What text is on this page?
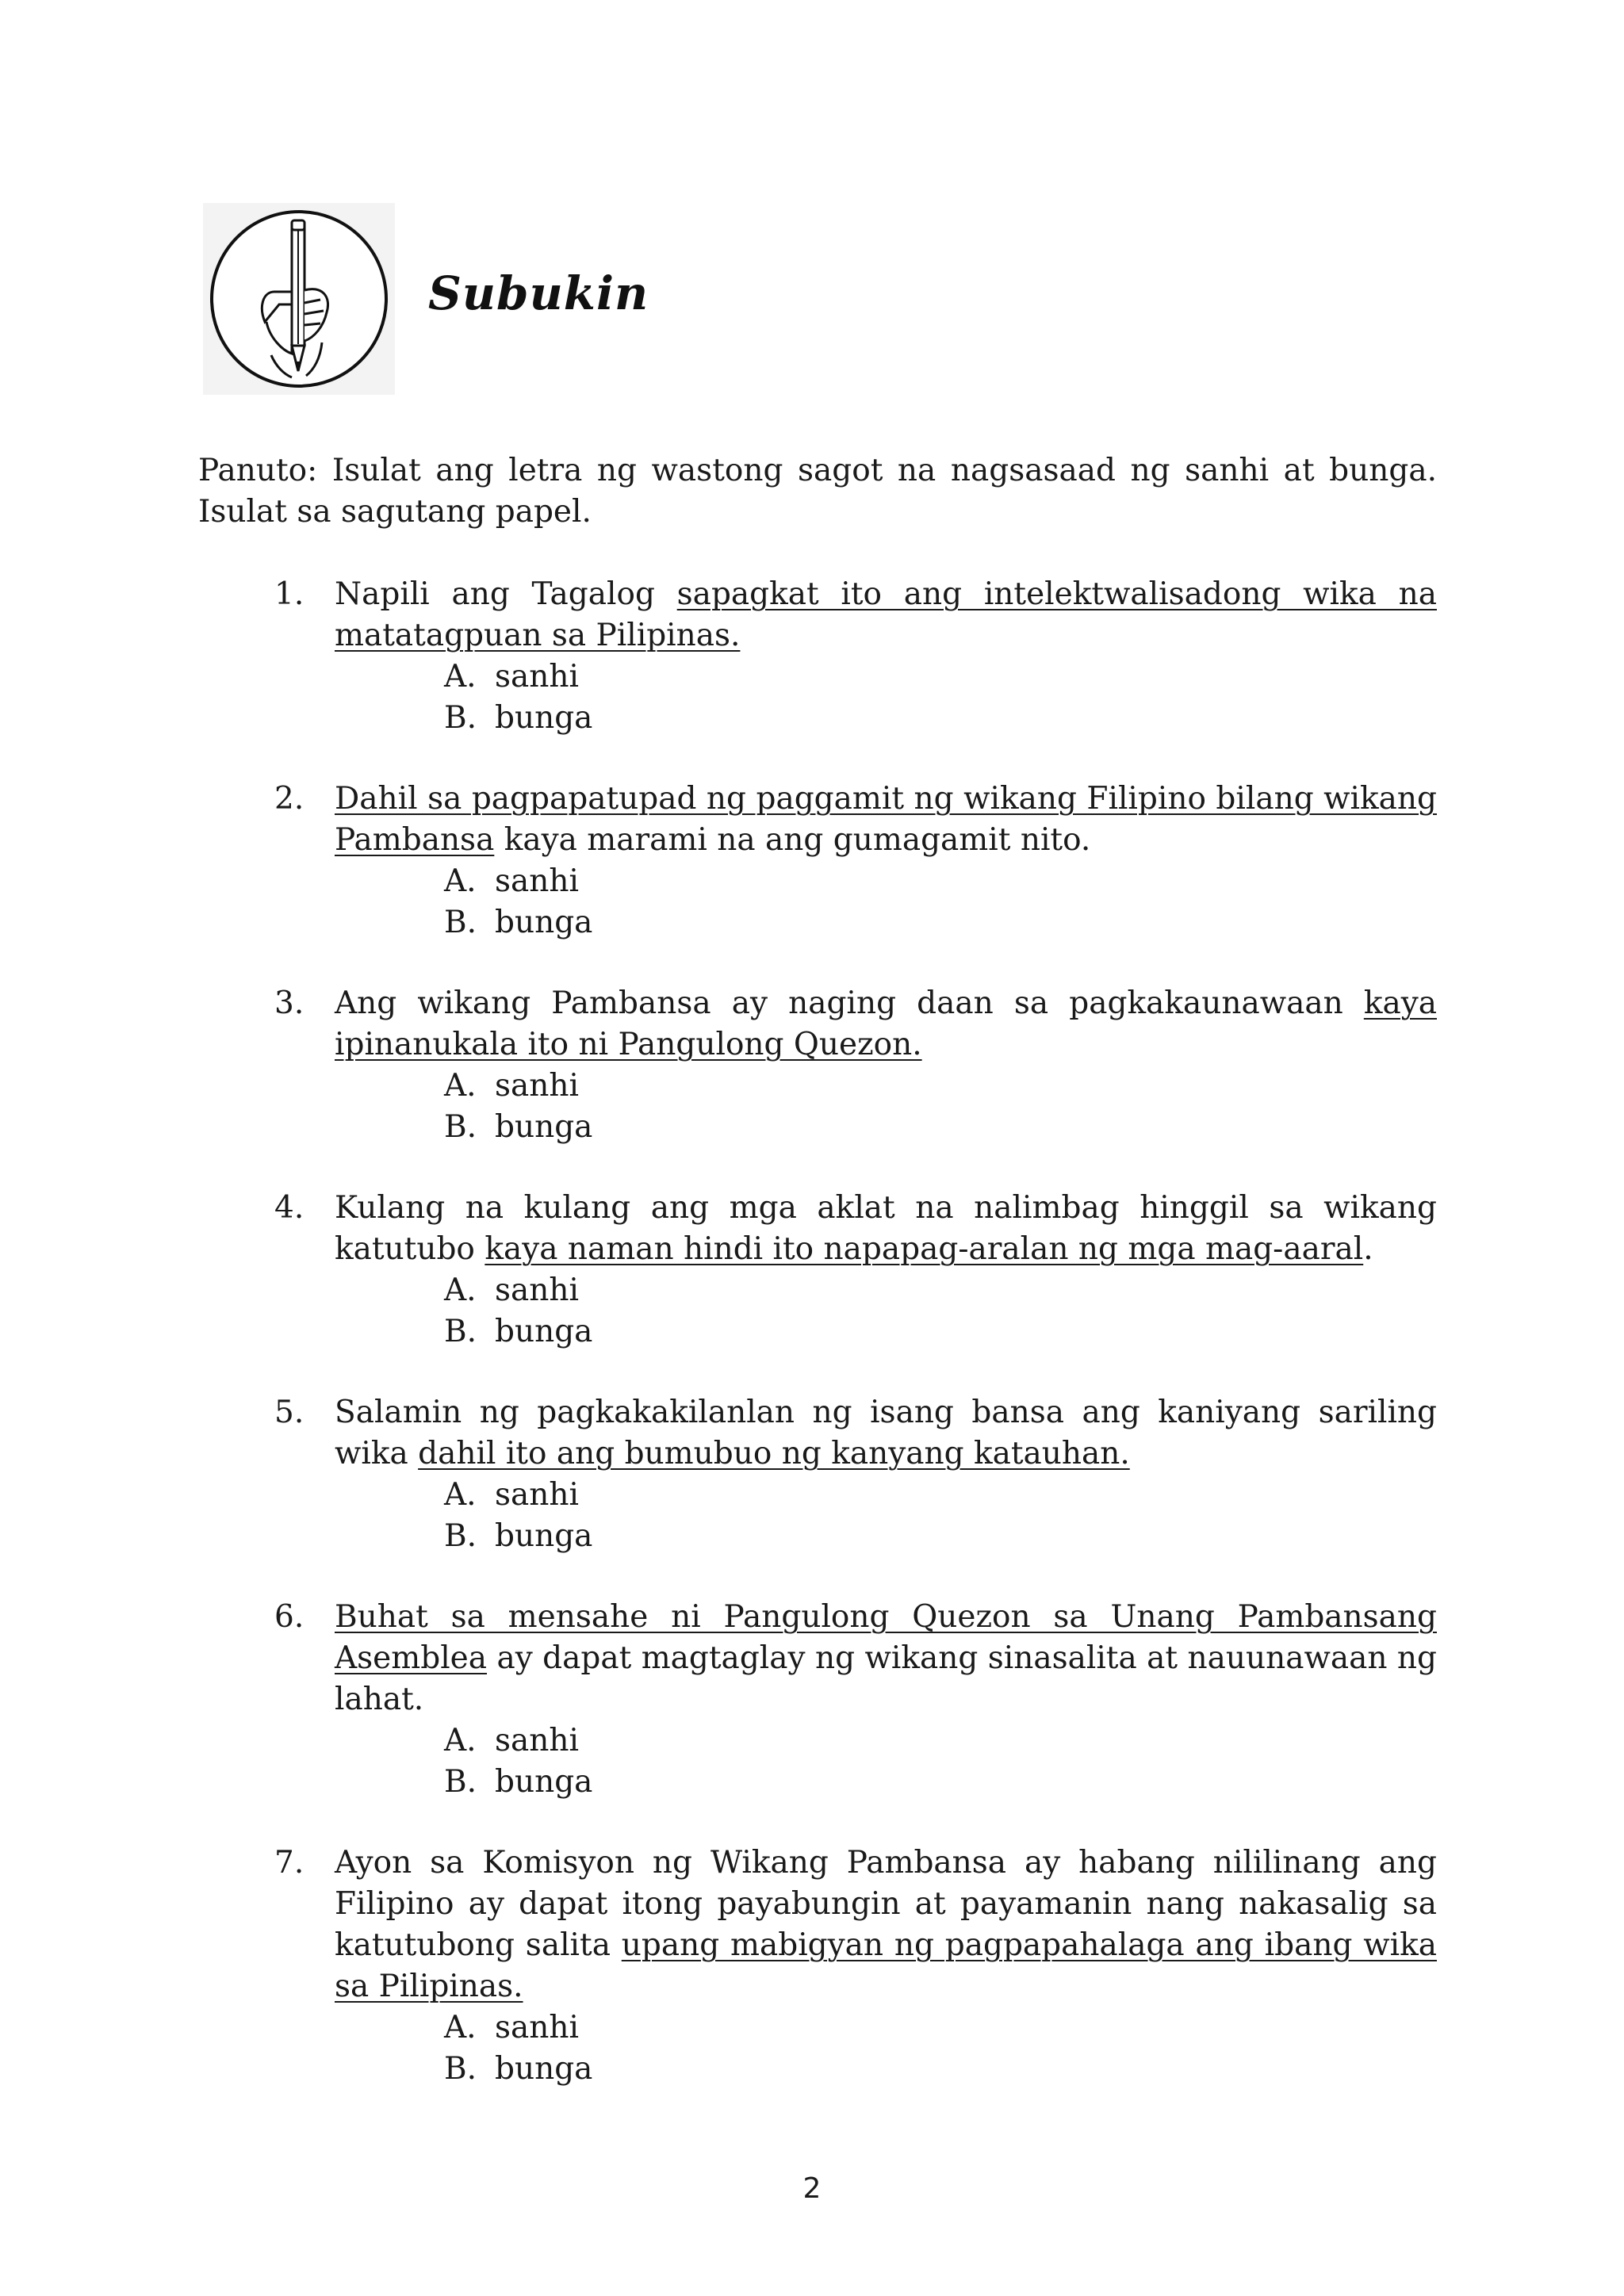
Subukin

Panuto: Isulat ang letra ng wastong sagot na nagsasaad ng sanhi at bunga. Isulat sa sagutang papel.

1. Napili ang Tagalog sapagkat ito ang intelektwalisadong wika na matatagpuan sa Pilipinas.

A. sanhi
B. bunga
2. Dahil sa pagpapatupad ng paggamit ng wikang Filipino bilang wikang Pambansa kaya marami na ang gumagamit nito.

A. sanhi
B. bunga
3. Ang wikang Pambansa ay naging daan sa pagkakaunawaan kaya ipinanukala ito ni Pangulong Quezon.

A. sanhi
B. bunga
4. Kulang na kulang ang mga aklat na nalimbag hinggil sa wikang katutubo kaya naman hindi ito napapag-aralan ng mga mag-aaral.

A. sanhi
B. bunga
5. Salamin ng pagkakakilanlan ng isang bansa ang kaniyang sariling wika dahil ito ang bumubuo ng kanyang katauhan.

A. sanhi
B. bunga
6. Buhat sa mensahe ni Pangulong Quezon sa Unang Pambansang Asemblea ay dapat magtaglay ng wikang sinasalita at nauunawaan ng lahat.

A. sanhi
B. bunga
7. Ayon sa Komisyon ng Wikang Pambansa ay habang nililinang ang Filipino ay dapat itong payabungin at payamanin nang nakasalig sa katutubong salita upang mabigyan ng pagpapahalaga ang ibang wika sa Pilipinas.

A. sanhi
B. bunga
2
